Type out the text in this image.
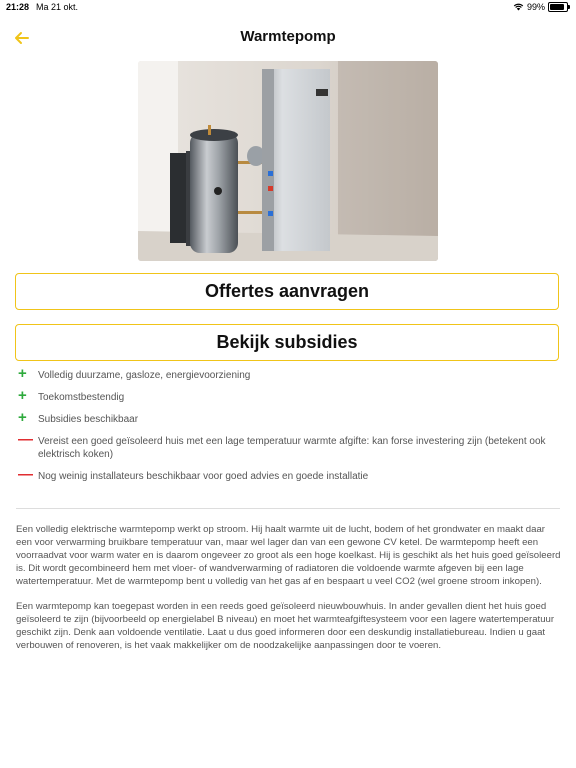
21:28 Ma 21 okt.	99%
Warmtepomp
Offertes aanvragen
Bekijk subsidies
+ Volledig duurzame, gasloze, energievoorziening
+ Toekomstbestendig
+ Subsidies beschikbaar
— Vereist een goed geïsoleerd huis met een lage temperatuur warmte afgifte: kan forse investering zijn (betekent ook elektrisch koken)
— Nog weinig installateurs beschikbaar voor goed advies en goede installatie

Een volledig elektrische warmtepomp werkt op stroom. Hij haalt warmte uit de lucht, bodem of het grondwater en maakt daar een voor verwarming bruikbare temperatuur van, maar wel lager dan van een gewone CV ketel. De warmtepomp heeft een voorraadvat voor warm water en is daarom ongeveer zo groot als een hoge koelkast. Hij is geschikt als het huis goed geïsoleerd is. Dit wordt gecombineerd hem met vloer- of wandverwarming of radiatoren die voldoende warmte afgeven bij een lage watertemperatuur. Met de warmtepomp bent u volledig van het gas af en bespaart u veel CO2 (wel groene stroom inkopen).

Een warmtepomp kan toegepast worden in een reeds goed geïsoleerd nieuwbouwhuis. In ander gevallen dient het huis goed geïsoleerd te zijn (bijvoorbeeld op energielabel B niveau) en moet het warmteafgiftesysteem voor een lagere watertemperatuur geschikt zijn. Denk aan voldoende ventilatie. Laat u dus goed informeren door een deskundig installatiebureau. Indien u gaat verbouwen of renoveren, is het vaak makkelijker om de noodzakelijke aanpassingen door te voeren.
